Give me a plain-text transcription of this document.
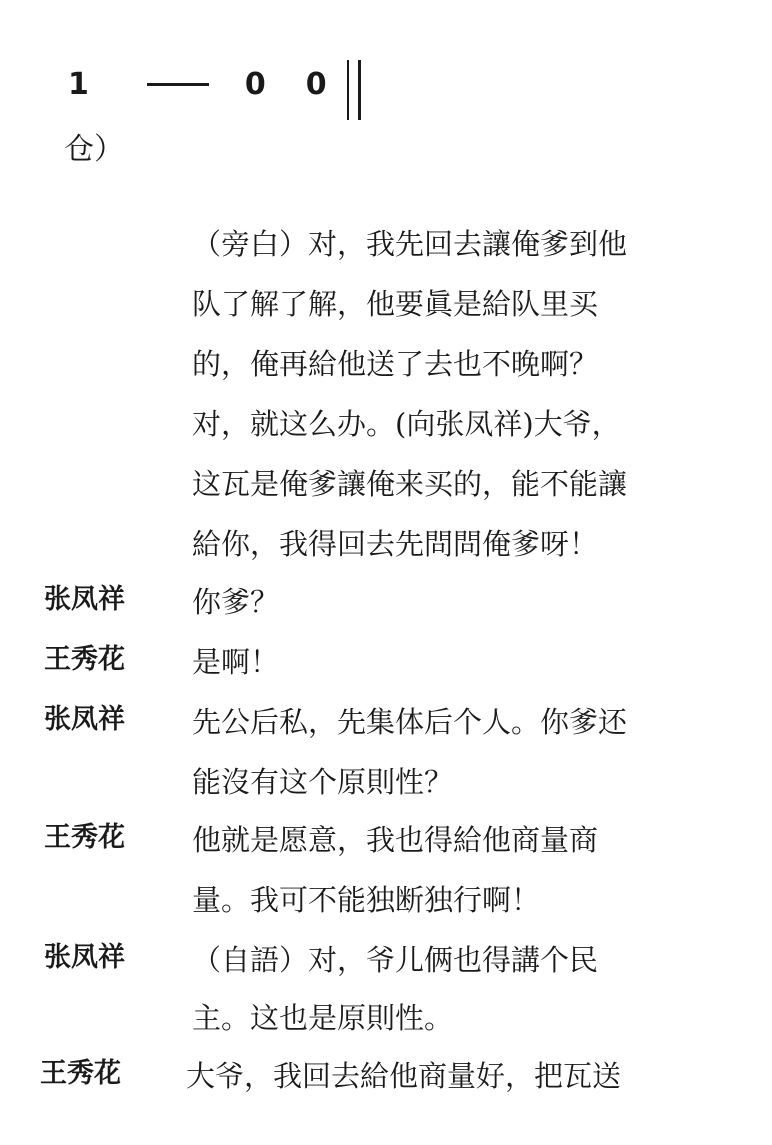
1	0 0
仓）
（旁白）对，我先回去讓俺爹到他
队了解了解，他要眞是給队里买
的，俺再給他送了去也不晚啊？
对，就这么办。(向张凤祥)大爷，
这瓦是俺爹讓俺来买的，能不能讓
給你，我得回去先問問俺爹呀！
张凤祥	你爹？
王秀花	是啊！
张凤祥	先公后私，先集体后个人。你爹还
能沒有这个原則性？
王秀花	他就是愿意，我也得給他商量商
量。我可不能独断独行啊！
张凤祥	（自語）对，爷儿俩也得講个民
主。这也是原則性。
王秀花	大爷，我回去給他商量好，把瓦送
